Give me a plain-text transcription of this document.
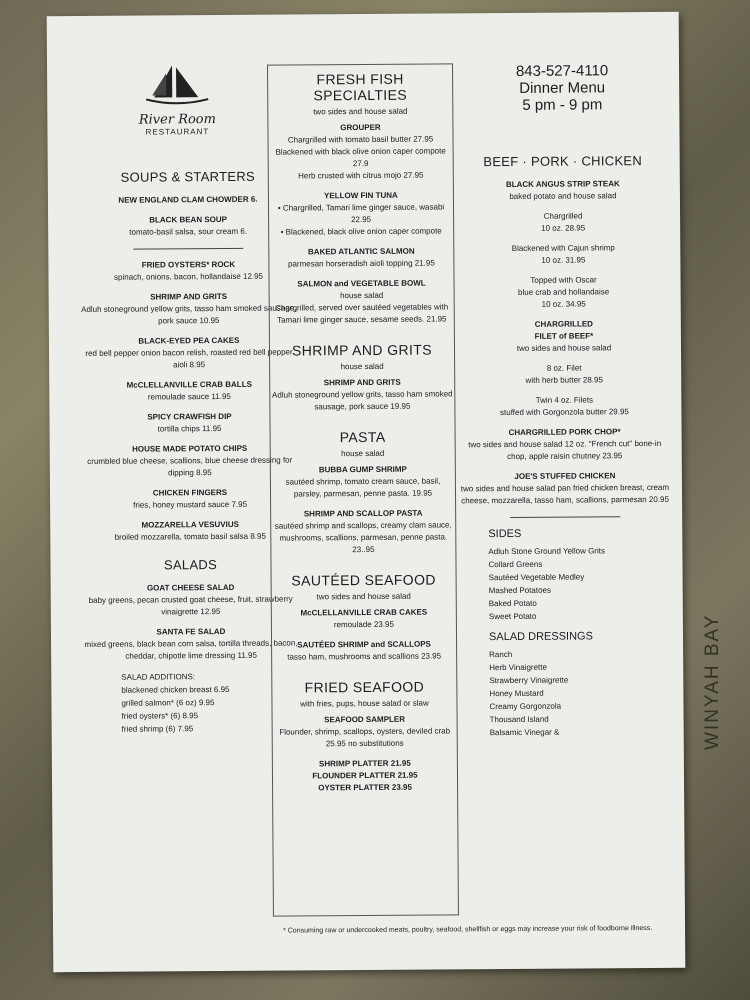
WINYAH BAY
River Room
RESTAURANT
SOUPS & STARTERS
NEW ENGLAND CLAM CHOWDER 6.
BLACK BEAN SOUP
tomato-basil salsa, sour cream 6.
FRIED OYSTERS* ROCK
spinach, onions, bacon, hollandaise 12.95
SHRIMP AND GRITS
Adluh stoneground yellow grits, tasso ham smoked sausage, pork sauce 10.95
BLACK-EYED PEA CAKES
red bell pepper onion bacon relish, roasted red bell pepper aioli 8.95
McCLELLANVILLE CRAB BALLS
remoulade sauce 11.95
SPICY CRAWFISH DIP
tortilla chips 11.95
HOUSE MADE POTATO CHIPS
crumbled blue cheese, scallions, blue cheese dressing for dipping 8.95
CHICKEN FINGERS
fries, honey mustard sauce 7.95
MOZZARELLA VESUVIUS
broiled mozzarella, tomato basil salsa 8.95
SALADS
GOAT CHEESE SALAD
baby greens, pecan crusted goat cheese, fruit, strawberry vinaigrette 12.95
SANTA FE SALAD
mixed greens, black bean corn salsa, tortilla threads, bacon, cheddar, chipotle lime dressing 11.95
SALAD ADDITIONS:
blackened chicken breast 6.95
grilled salmon* (6 oz) 9.95
fried oysters* (6) 8.95
fried shrimp (6) 7.95
FRESH FISH SPECIALTIES
two sides and house salad
GROUPER
Chargrilled with tomato basil butter 27.95
Blackened with black olive onion caper compote 27.9
Herb crusted with citrus mojo 27.95
YELLOW FIN TUNA
• Chargrilled, Tamari lime ginger sauce, wasabi 22.95
• Blackened, black olive onion caper compote
BAKED ATLANTIC SALMON
parmesan horseradish aioli topping 21.95
SALMON and VEGETABLE BOWL
house salad
Chargrilled, served over sautéed vegetables with Tamari lime ginger sauce, sesame seeds. 21.95
SHRIMP AND GRITS
house salad
SHRIMP AND GRITS
Adluh stoneground yellow grits, tasso ham smoked sausage, pork sauce 19.95
PASTA
house salad
BUBBA GUMP SHRIMP
sautéed shrimp, tomato cream sauce, basil, parsley, parmesan, penne pasta. 19.95
SHRIMP AND SCALLOP PASTA
sautéed shrimp and scallops, creamy clam sauce, mushrooms, scallions, parmesan, penne pasta. 23..95
SAUTÉED SEAFOOD
two sides and house salad
McCLELLANVILLE CRAB CAKES
remoulade 23.95
SAUTÉED SHRIMP and SCALLOPS
tasso ham, mushrooms and scallions 23.95
FRIED SEAFOOD
with fries, pups, house salad or slaw
SEAFOOD SAMPLER
Flounder, shrimp, scallops, oysters, deviled crab 25.95 no substitutions
SHRIMP PLATTER 21.95
FLOUNDER PLATTER 21.95
OYSTER PLATTER 23.95
843-527-4110
Dinner Menu
5 pm - 9 pm
BEEF · PORK · CHICKEN
BLACK ANGUS STRIP STEAK
baked potato and house salad
Chargrilled
10 oz. 28.95
Blackened with Cajun shrimp
10 oz. 31.95
Topped with Oscar
blue crab and hollandaise
10 oz. 34.95
CHARGRILLED
FILET of BEEF*
two sides and house salad
8 oz. Filet
with herb butter 28.95
Twin 4 oz. Filets
stuffed with Gorgonzola butter 29.95
CHARGRILLED PORK CHOP*
two sides and house salad 12 oz. "French cut" bone-in chop, apple raisin chutney 23.95
JOE'S STUFFED CHICKEN
two sides and house salad pan fried chicken breast, cream cheese, mozzarella, tasso ham, scallions, parmesan 20.95
SIDES
Adluh Stone Ground Yellow Grits
Collard Greens
Sautéed Vegetable Medley
Mashed Potatoes
Baked Potato
Sweet Potato
SALAD DRESSINGS
Ranch
Herb Vinaigrette
Strawberry Vinaigrette
Honey Mustard
Creamy Gorgonzola
Thousand Island
Balsamic Vinegar &
* Consuming raw or undercooked meats, poultry, seafood, shellfish or eggs may increase your risk of foodborne illness.
